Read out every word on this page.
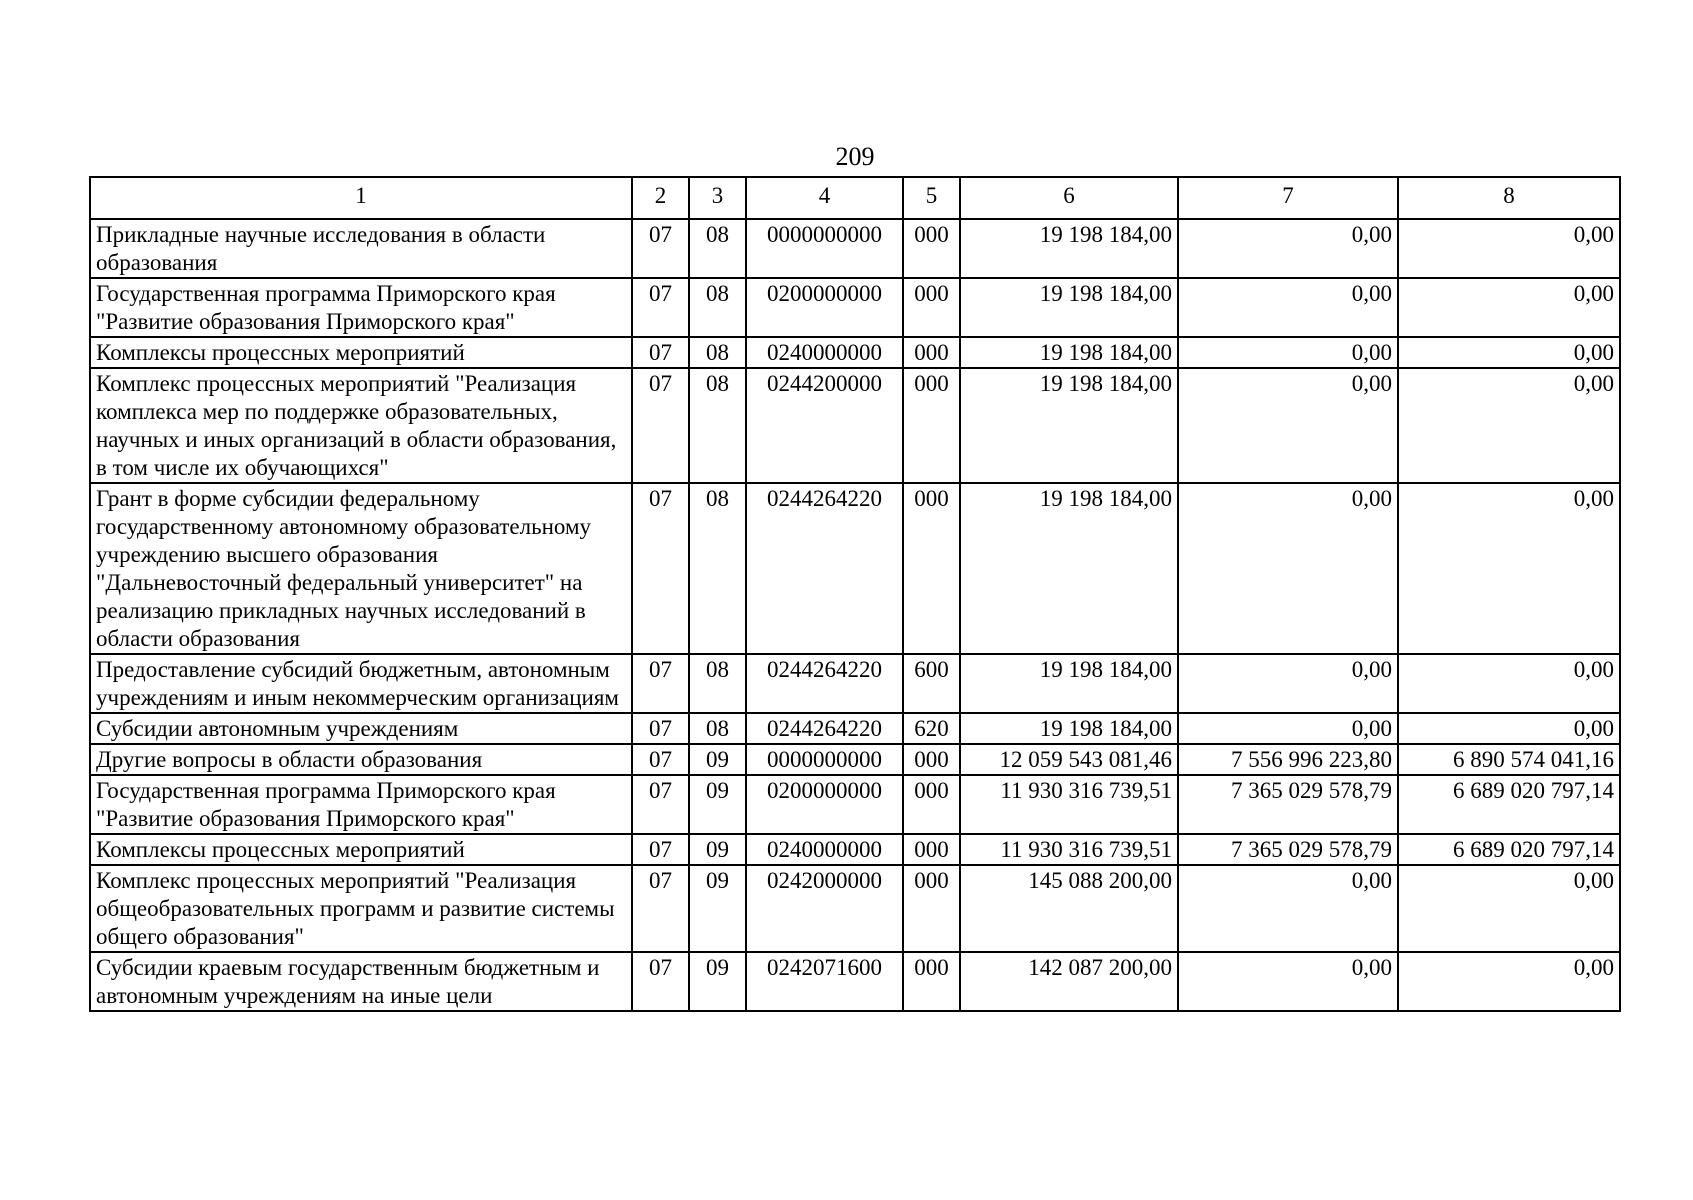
209
1	2	3	4	5	6	7	8
Прикладные научные исследования в области образования	07	08	0000000000	000	19 198 184,00	0,00	0,00
Государственная программа Приморского края "Развитие образования Приморского края"	07	08	0200000000	000	19 198 184,00	0,00	0,00
Комплексы процессных мероприятий	07	08	0240000000	000	19 198 184,00	0,00	0,00
Комплекс процессных мероприятий "Реализация комплекса мер по поддержке образовательных, научных и иных организаций в области образования, в том числе их обучающихся"	07	08	0244200000	000	19 198 184,00	0,00	0,00
Грант в форме субсидии федеральному государственному автономному образовательному учреждению высшего образования "Дальневосточный федеральный университет" на реализацию прикладных научных исследований в области образования	07	08	0244264220	000	19 198 184,00	0,00	0,00
Предоставление субсидий бюджетным, автономным учреждениям и иным некоммерческим организациям	07	08	0244264220	600	19 198 184,00	0,00	0,00
Субсидии автономным учреждениям	07	08	0244264220	620	19 198 184,00	0,00	0,00
Другие вопросы в области образования	07	09	0000000000	000	12 059 543 081,46	7 556 996 223,80	6 890 574 041,16
Государственная программа Приморского края "Развитие образования Приморского края"	07	09	0200000000	000	11 930 316 739,51	7 365 029 578,79	6 689 020 797,14
Комплексы процессных мероприятий	07	09	0240000000	000	11 930 316 739,51	7 365 029 578,79	6 689 020 797,14
Комплекс процессных мероприятий "Реализация общеобразовательных программ и развитие системы общего образования"	07	09	0242000000	000	145 088 200,00	0,00	0,00
Субсидии краевым государственным бюджетным и автономным учреждениям на иные цели	07	09	0242071600	000	142 087 200,00	0,00	0,00
